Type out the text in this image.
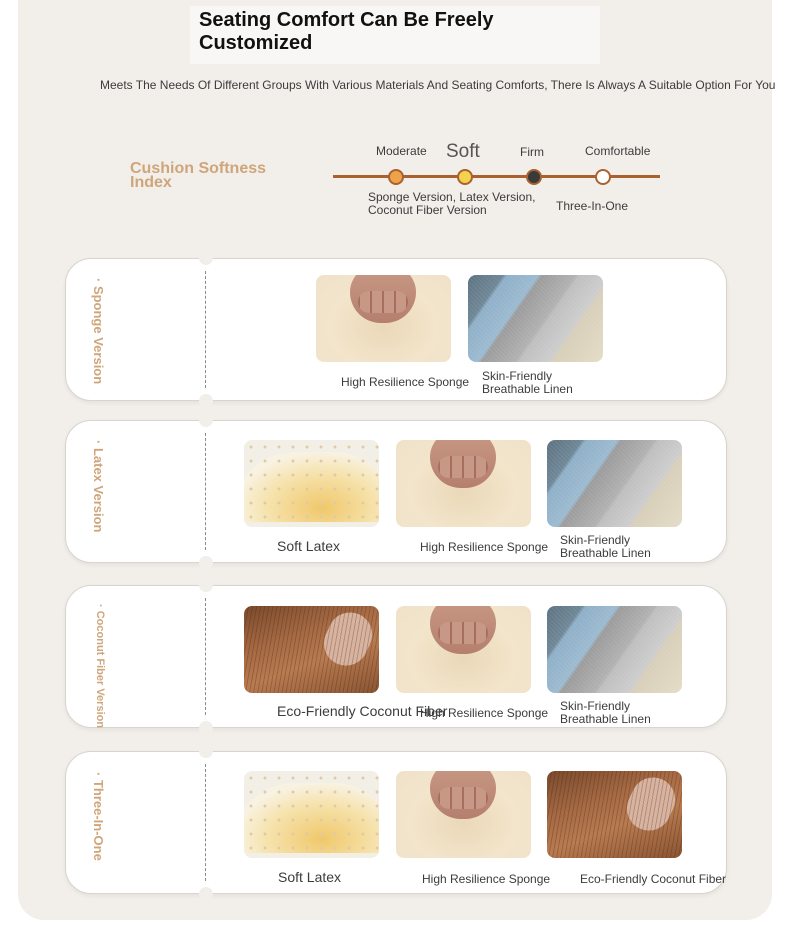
Seating Comfort Can Be Freely Customized
Meets The Needs Of Different Groups With Various Materials And Seating Comforts, There Is Always A Suitable Option For You
Cushion Softness Index
Moderate Soft	Firm	Comfortable
Sponge Version, Latex Version, Coconut Fiber Version	Three-In-One
· Sponge Version	High Resilience Sponge Skin-Friendly Breathable Linen
· Latex Version
Soft Latex	High Resilience Sponge Skin-Friendly Breathable Linen
· Coconut Fiber Version	Eco-Friendly Coconut Fiber
High Resilience Sponge Skin-Friendly Breathable Linen
· Three-In-One
Soft Latex	High Resilience Sponge Eco-Friendly Coconut Fiber
